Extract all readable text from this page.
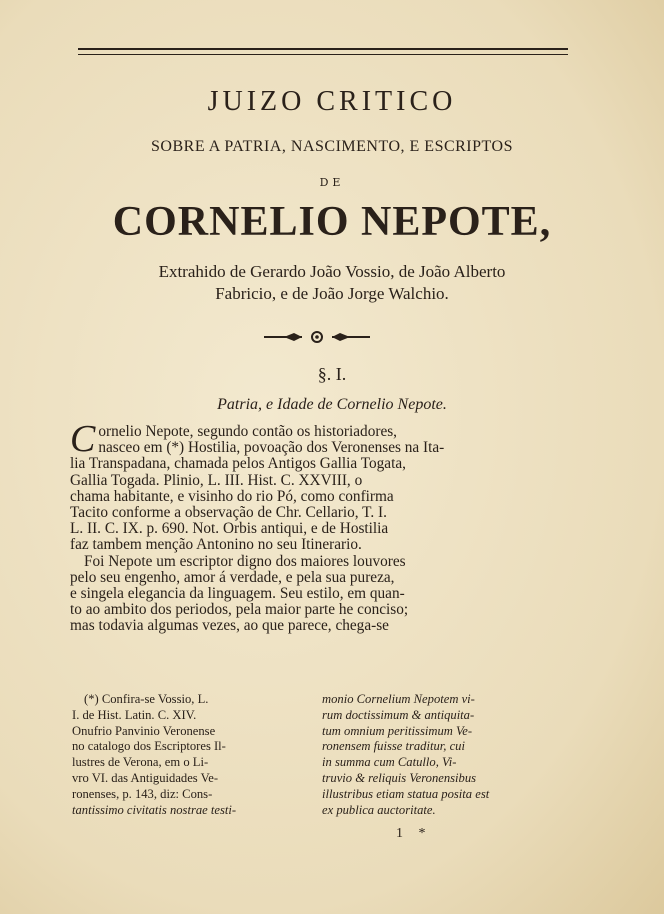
JUIZO CRITICO
SOBRE A PATRIA, NASCIMENTO, E ESCRIPTOS
DE
CORNELIO NEPOTE,
Extrahido de Gerardo João Vossio, de João Alberto
Fabricio, e de João Jorge Walchio.
§. I.
Patria, e Idade de Cornelio Nepote.
C ornelio Nepote, segundo contão os historiadores,
nasceo em (*) Hostilia, povoação dos Veronenses na Ita-
lia Transpadana, chamada pelos Antigos Gallia Togata,
Gallia Togada. Plinio, L. III. Hist. C. XXVIII, o
chama habitante, e visinho do rio Pó, como confirma
Tacito conforme a observação de Chr. Cellario, T. I.
L. II. C. IX. p. 690. Not. Orbis antiqui, e de Hostilia
faz tambem menção Antonino no seu Itinerario.
Foi Nepote um escriptor digno dos maiores louvores
pelo seu engenho, amor á verdade, e pela sua pureza,
e singela elegancia da linguagem. Seu estilo, em quan-
to ao ambito dos periodos, pela maior parte he conciso;
mas todavia algumas vezes, ao que parece, chega-se
(*) Confira-se Vossio, L.
I. de Hist. Latin. C. XIV.
Onufrio Panvinio Veronense
no catalogo dos Escriptores Il-
lustres de Verona, em o Li-
vro VI. das Antiguidades Ve-
ronenses, p. 143, diz: Cons-
tantissimo civitatis nostrae testi-
monio Cornelium Nepotem vi-
rum doctissimum & antiquita-
tum omnium peritissimum Ve-
ronensem fuisse traditur, cui
in summa cum Catullo, Vi-
truvio & reliquis Veronensibus
illustribus etiam statua posita est
ex publica auctoritate.
1 *
